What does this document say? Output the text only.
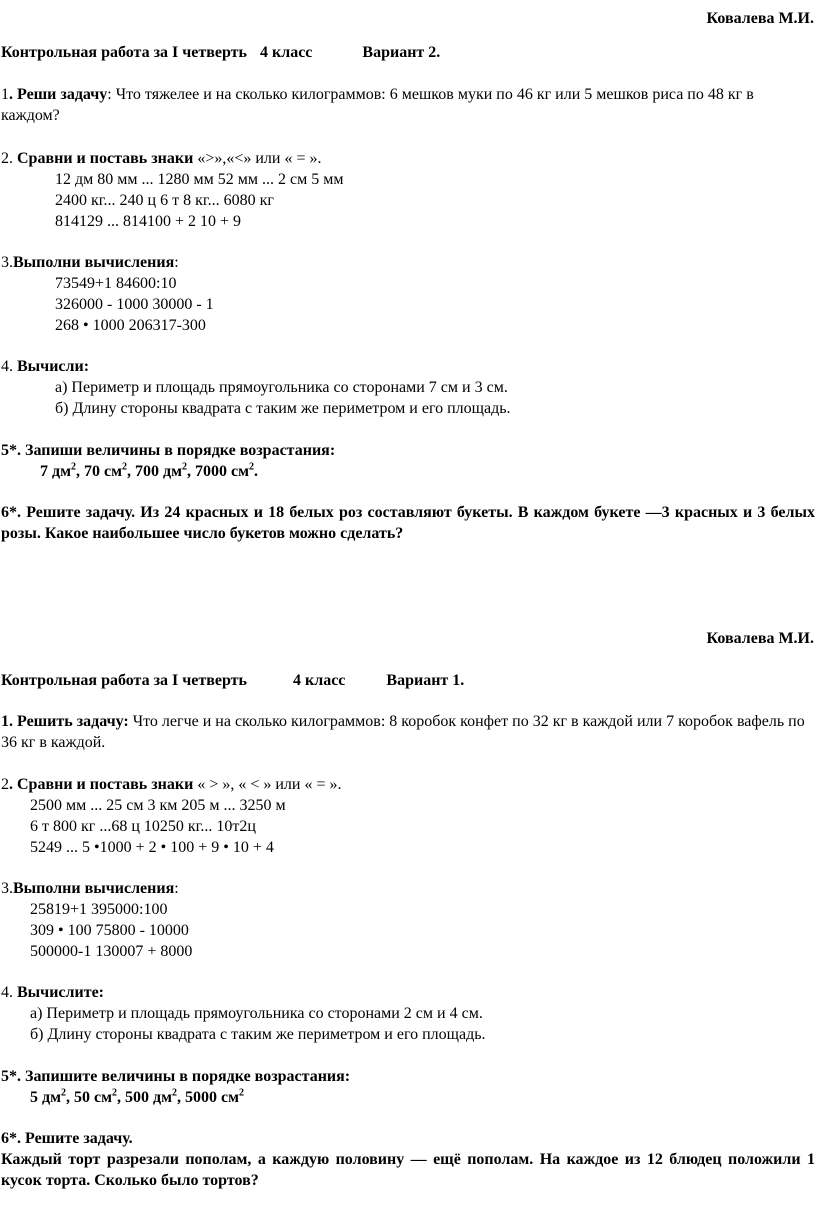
Ковалева М.И.
Контрольная работа за I четверть 4 класс	Вариант 2.
1. Реши задачу: Что тяжелее и на сколько килограммов: 6 мешков муки по 46 кг или 5 мешков риса по 48 кг в каждом?
2. Сравни и поставь знаки «>»,«<» или « = ».
12 дм 80 мм ... 1280 мм 52 мм ... 2 см 5 мм
2400 кг... 240 ц 6 т 8 кг... 6080 кг
814129 ... 814100 + 2 10 + 9
3.Выполни вычисления:
73549+1 84600:10
326000 - 1000 30000 - 1
268 • 1000 206317-300
4. Вычисли:
а) Периметр и площадь прямоугольника со сторонами 7 см и 3 см.
б) Длину стороны квадрата с таким же периметром и его площадь.
5*. Запиши величины в порядке возрастания:
7 $дм^2$, 70 $см^2$, 700 $дм^2$, 7000 $см^2$.
6*. Решите задачу. Из 24 красных и 18 белых роз составляют букеты. В каждом букете —3 красных и 3 белых розы. Какое наибольшее число букетов можно сделать?
Ковалева М.И.
Контрольная работа за I четверть	4 класс	Вариант 1.
1. Решить задачу: Что легче и на сколько килограммов: 8 коробок конфет по 32 кг в каждой или 7 коробок вафель по 36 кг в каждой.
2. Сравни и поставь знаки « > », « < » или « = ».
2500 мм ... 25 см 3 км 205 м ... 3250 м
6 т 800 кг ...68 ц 10250 кг... 10т2ц
5249 ... 5 •1000 + 2 • 100 + 9 • 10 + 4
3.Выполни вычисления:
25819+1 395000:100
309 • 100 75800 - 10000
500000-1 130007 + 8000
4. Вычислите:
а) Периметр и площадь прямоугольника со сторонами 2 см и 4 см.
б) Длину стороны квадрата с таким же периметром и его площадь.
5*. Запишите величины в порядке возрастания:
5 $дм^2$, 50 $см^2$, 500 $дм^2$, 5000 $см^2$
6*. Решите задачу.
Каждый торт разрезали пополам, а каждую половину — ещё пополам. На каждое из 12 блюдец положили 1 кусок торта. Сколько было тортов?
